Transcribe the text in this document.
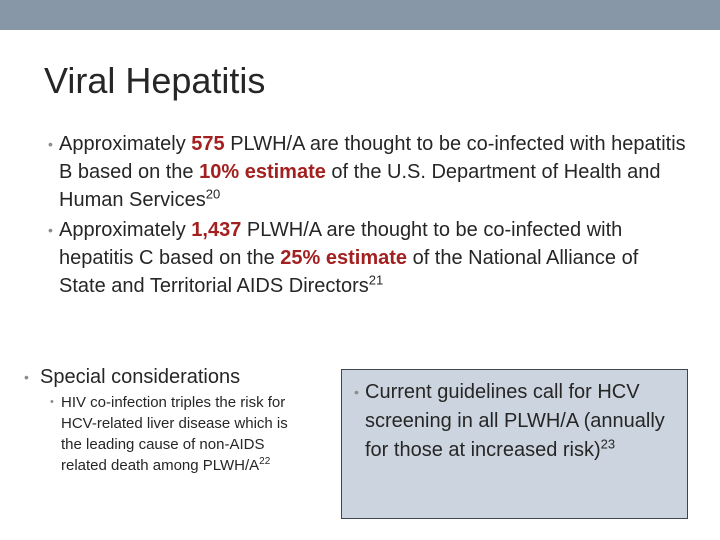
Viral Hepatitis
• Approximately 575 PLWH/A are thought to be co-infected with hepatitis B based on the 10% estimate of the U.S. Department of Health and Human Services$^{20}$
• Approximately 1,437 PLWH/A are thought to be co-infected with hepatitis C based on the 25% estimate of the National Alliance of State and Territorial AIDS Directors$^{21}$
• Special considerations
• HIV co-infection triples the risk for HCV-related liver disease which is the leading cause of non-AIDS related death among PLWH/$A^{22}$
• Current guidelines call for HCV screening in all PLWH/A (annually for those at increased risk)$^{23}$
